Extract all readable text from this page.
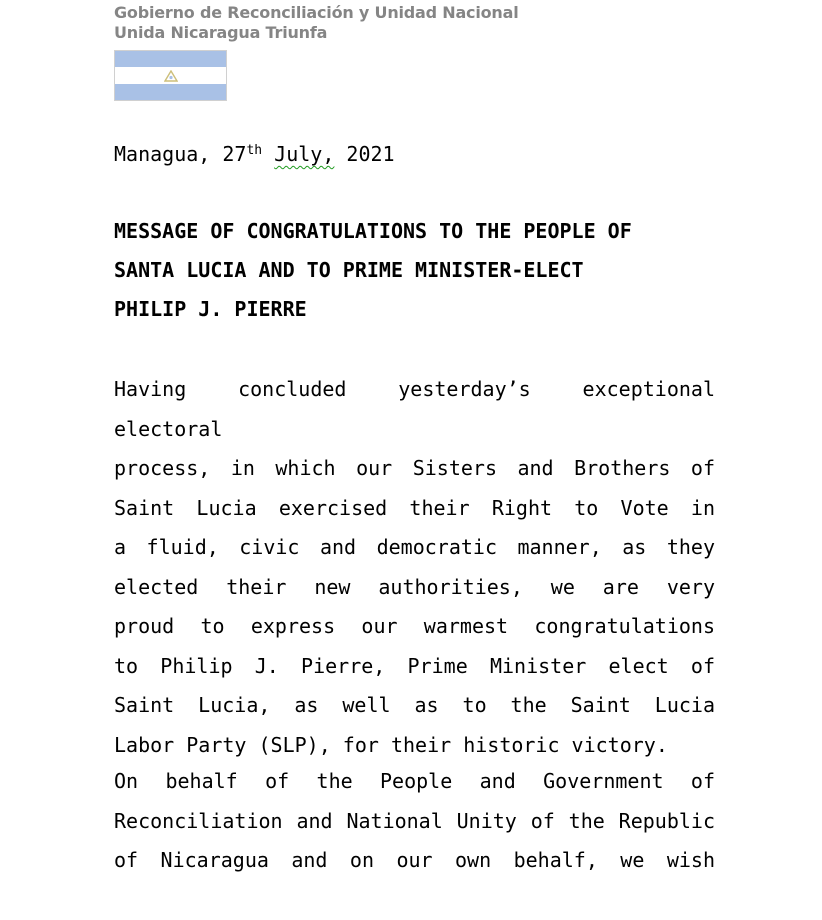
Gobierno de Reconciliación y Unidad Nacional
Unida Nicaragua Triunfa
Managua, 27th July, 2021
MESSAGE OF CONGRATULATIONS TO THE PEOPLE OF
SANTA LUCIA AND TO PRIME MINISTER-ELECT
PHILIP J. PIERRE

Having concluded yesterday’s exceptional electoral
process, in which our Sisters and Brothers of
Saint Lucia exercised their Right to Vote in
a fluid, civic and democratic manner, as they
elected their new authorities, we are very
proud to express our warmest congratulations
to Philip J. Pierre, Prime Minister elect of
Saint Lucia, as well as to the Saint Lucia
Labor Party (SLP), for their historic victory.

On behalf of the People and Government of
Reconciliation and National Unity of the Republic
of Nicaragua and on our own behalf, we wish
